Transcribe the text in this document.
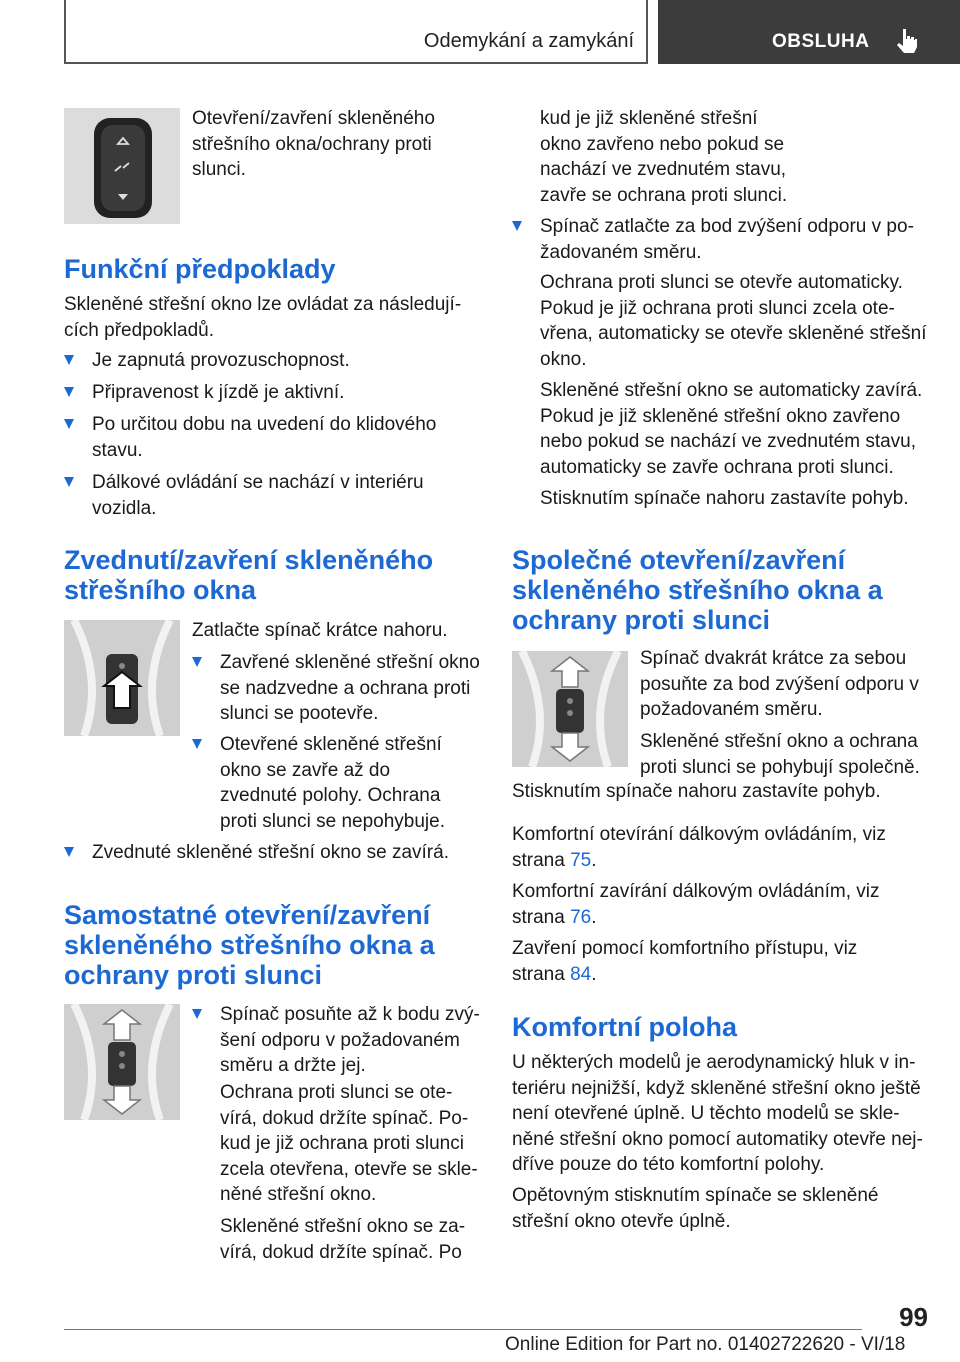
Odemykání a zamykání	OBSLUHA

Otevření/zavření skleněného střešního okna/ochrany proti slunci.

Funkční předpoklady

Skleněné střešní okno lze ovládat za následujících předpokladů.

Je zapnutá provozuschopnost.

Připravenost k jízdě je aktivní.

Po určitou dobu na uvedení do klidového stavu.

Dálkové ovládání se nachází v interiéru vozidla.

Zvednutí/zavření skleněného střešního okna

Zatlačte spínač krátce nahoru.

Zavřené skleněné střešní okno se nadzvedne a ochrana proti slunci se pootevře.

Otevřené skleněné střešní okno se zavře až do zvednuté polohy. Ochrana proti slunci se nepohybuje.

Zvednuté skleněné střešní okno se zavírá.

Samostatné otevření/zavření skleněného střešního okna a ochrany proti slunci

Spínač posuňte až k bodu zvýšení odporu v požadovaném směru a držte jej.

Ochrana proti slunci se otevírá, dokud držíte spínač. Pokud je již ochrana proti slunci zcela otevřena, otevře se skleněné střešní okno.

Skleněné střešní okno se zavírá, dokud držíte spínač. Po

kud je již skleněné střešní okno zavřeno nebo pokud se nachází ve zvednutém stavu, zavře se ochrana proti slunci.

Spínač zatlačte za bod zvýšení odporu v požadovaném směru.

Ochrana proti slunci se otevře automaticky. Pokud je již ochrana proti slunci zcela otevřena, automaticky se otevře skleněné střešní okno.

Skleněné střešní okno se automaticky zavírá. Pokud je již skleněné střešní okno zavřeno nebo pokud se nachází ve zvednutém stavu, automaticky se zavře ochrana proti slunci.

Stisknutím spínače nahoru zastavíte pohyb.

Společné otevření/zavření skleněného střešního okna a ochrany proti slunci

Spínač dvakrát krátce za sebou posuňte za bod zvýšení odporu v požadovaném směru.

Skleněné střešní okno a ochrana proti slunci se pohybují společně.

Stisknutím spínače nahoru zastavíte pohyb.

Komfortní otevírání dálkovým ovládáním, viz strana 75.

Komfortní zavírání dálkovým ovládáním, viz strana 76.

Zavření pomocí komfortního přístupu, viz strana 84.

Komfortní poloha

U některých modelů je aerodynamický hluk v interiéru nejnižší, když skleněné střešní okno ještě není otevřené úplně. U těchto modelů se skleněné střešní okno pomocí automatiky otevře nejdříve pouze do této komfortní polohy.

Opětovným stisknutím spínače se skleněné střešní okno otevře úplně.

99
Online Edition for Part no. 01402722620 - VI/18
